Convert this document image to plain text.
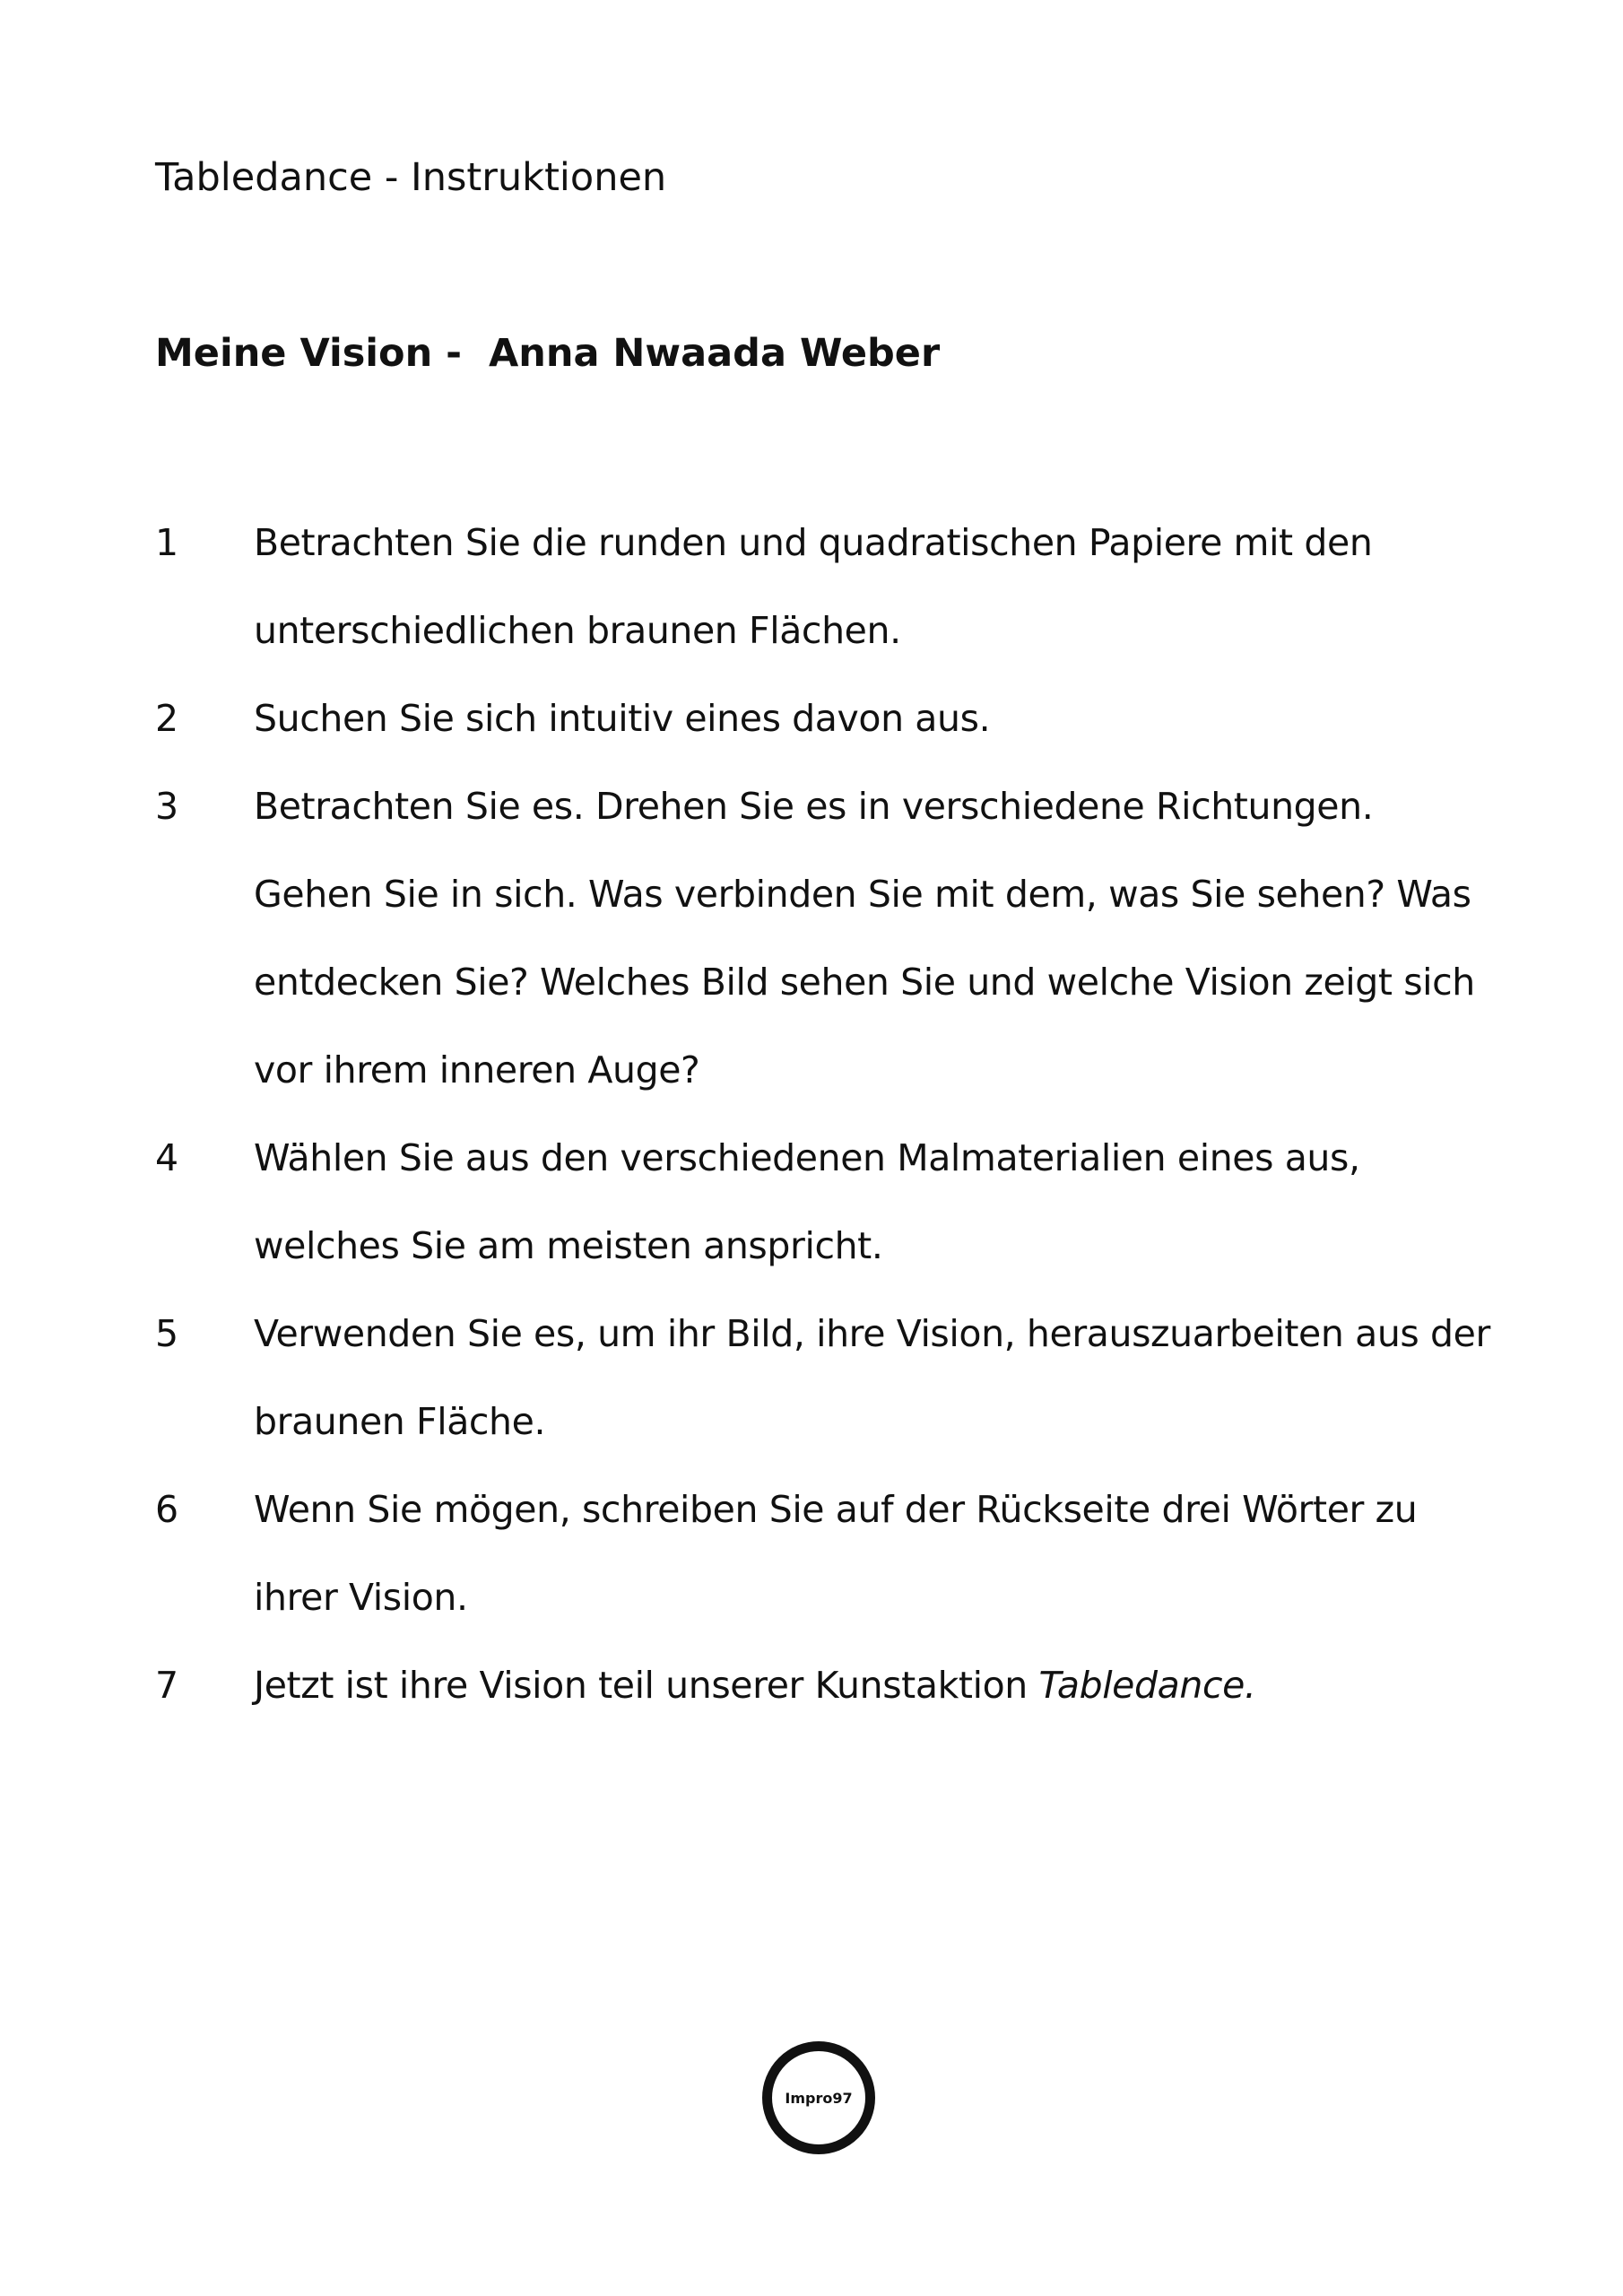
Tabledance - Instruktionen
Meine Vision -  Anna Nwaada Weber
1	Betrachten Sie die runden und quadratischen Papiere mit den
unterschiedlichen braunen Flächen.
2	Suchen Sie sich intuitiv eines davon aus.
3	Betrachten Sie es. Drehen Sie es in verschiedene Richtungen.
Gehen Sie in sich. Was verbinden Sie mit dem, was Sie sehen? Was
entdecken Sie? Welches Bild sehen Sie und welche Vision zeigt sich
vor ihrem inneren Auge?
4	Wählen Sie aus den verschiedenen Malmaterialien eines aus,
welches Sie am meisten anspricht.
5	Verwenden Sie es, um ihr Bild, ihre Vision, herauszuarbeiten aus der
braunen Fläche.
6	Wenn Sie mögen, schreiben Sie auf der Rückseite drei Wörter zu
ihrer Vision.
7	Jetzt ist ihre Vision teil unserer Kunstaktion Tabledance.
Impro97
